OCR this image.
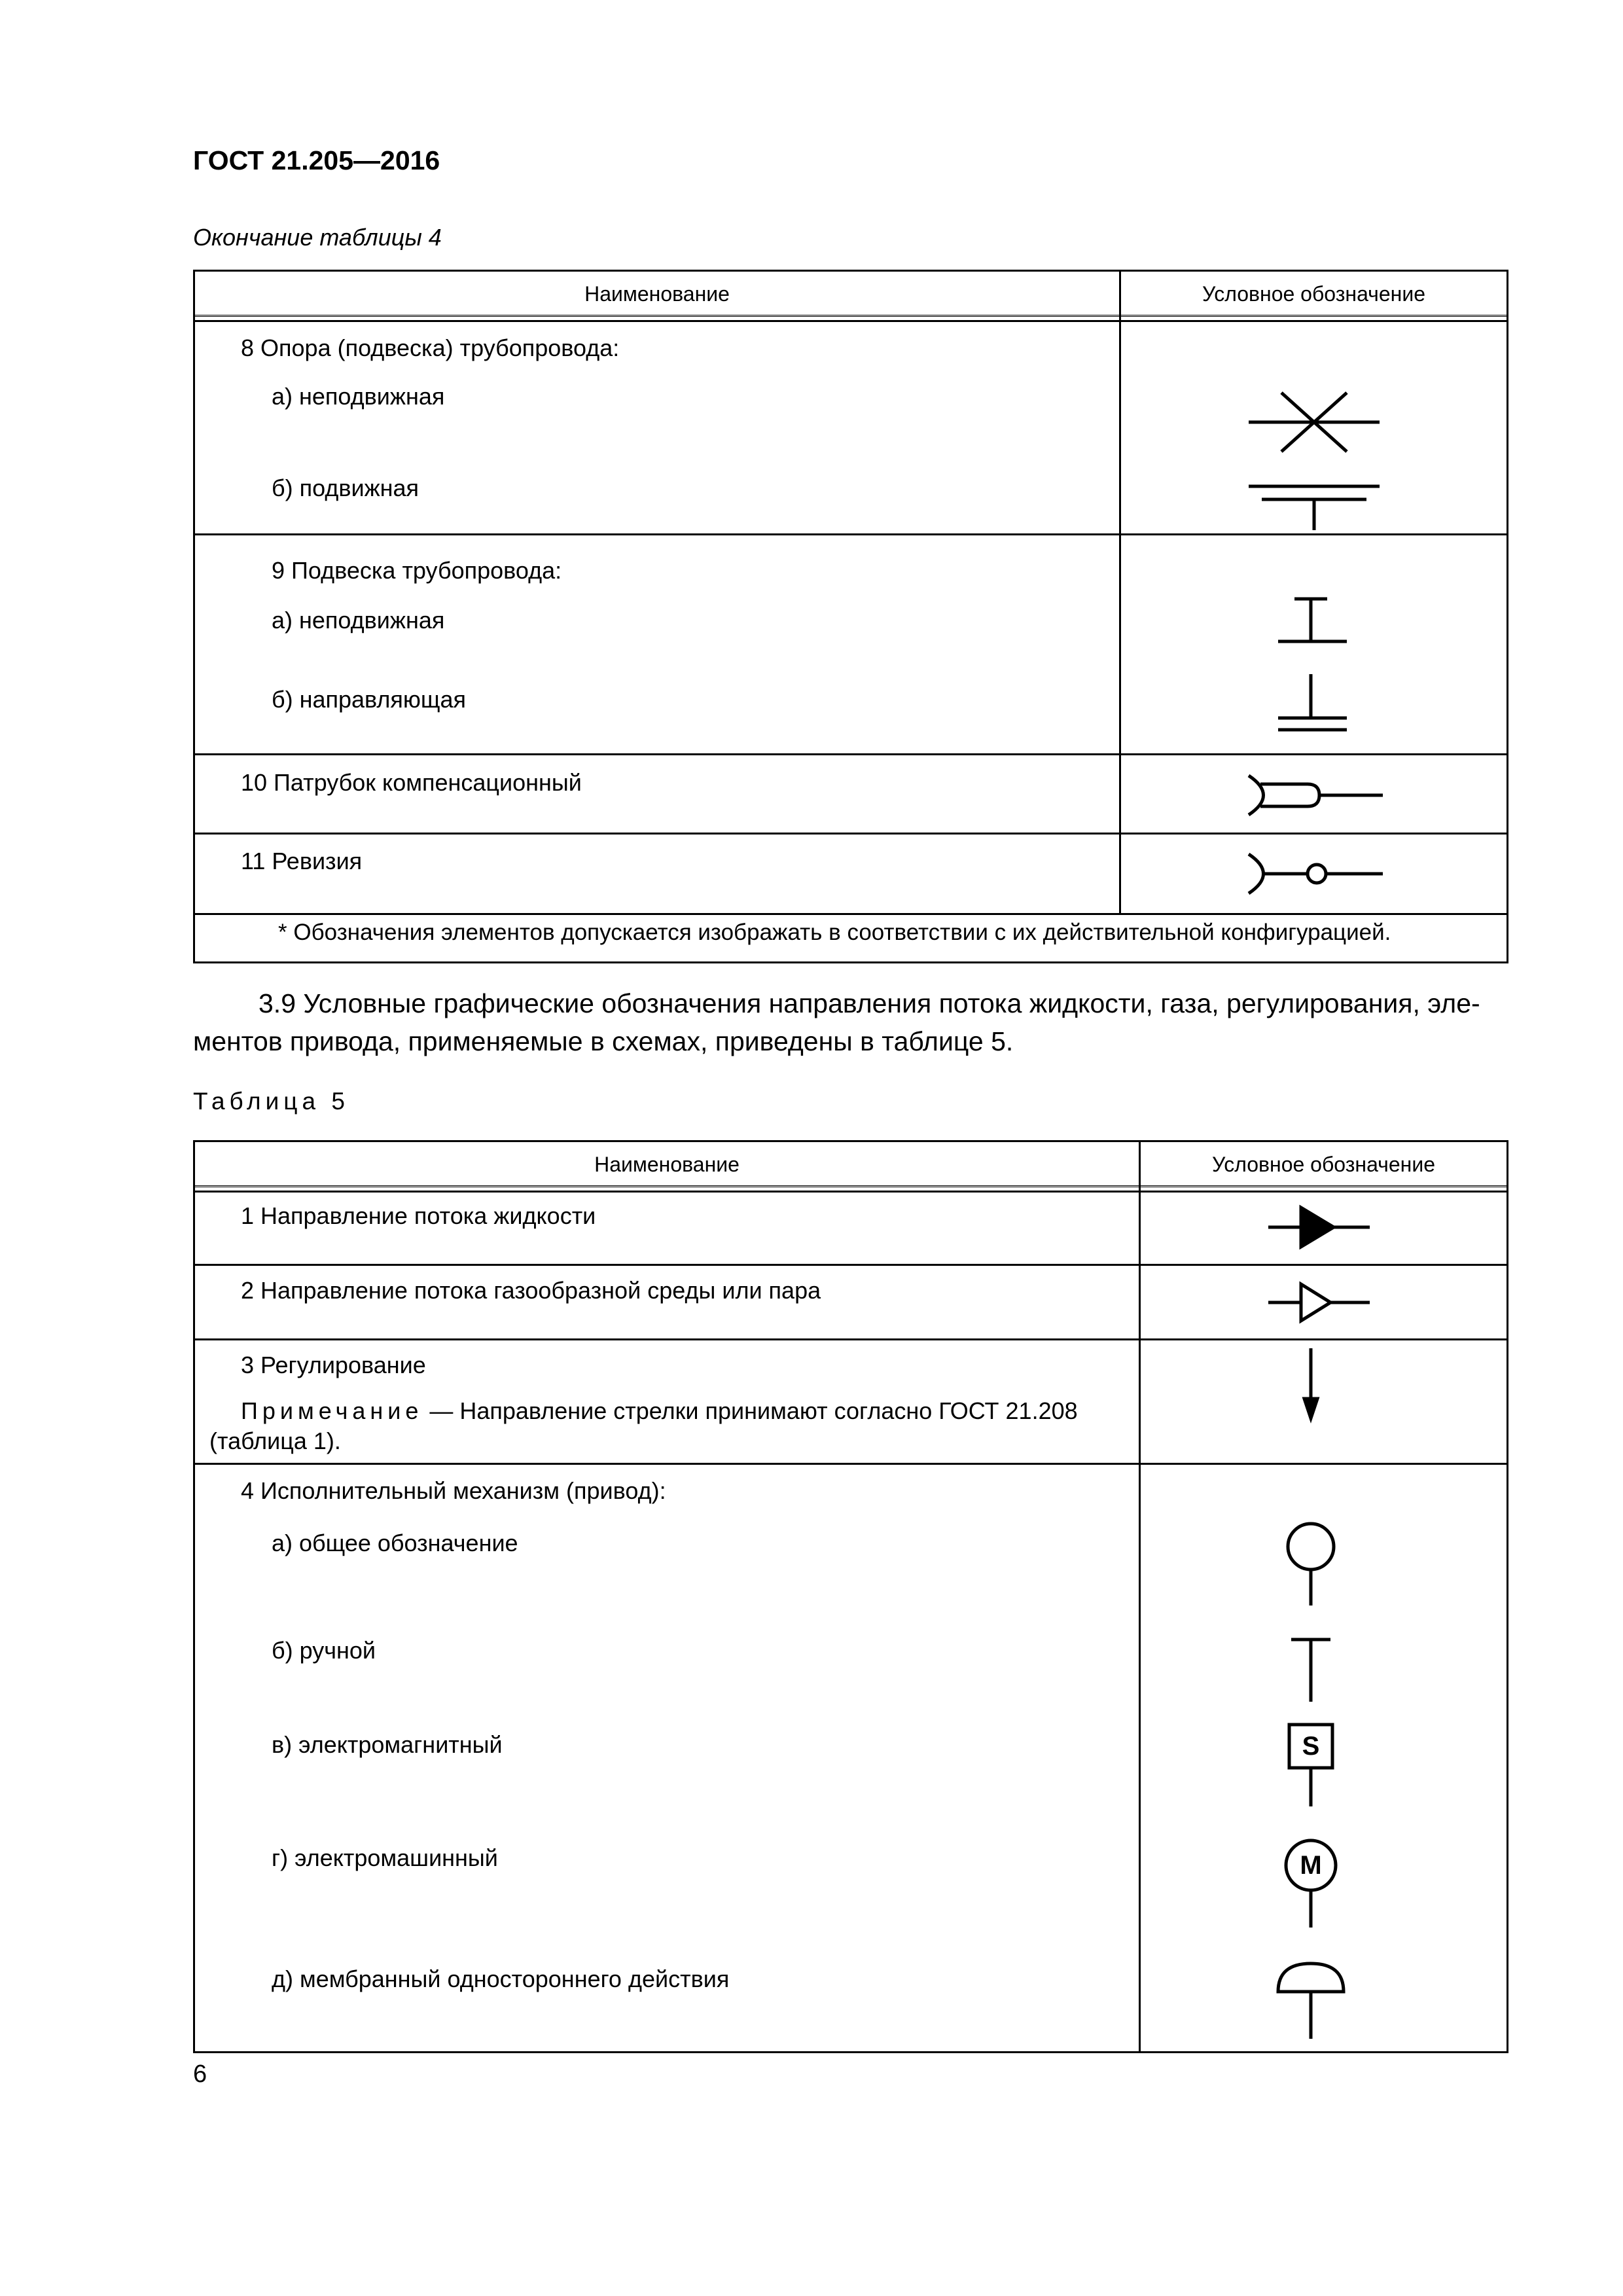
ГОСТ 21.205—2016
Окончание таблицы 4
Наименование	Условное обозначение
8 Опора (подвеска) трубопровода:
а) неподвижная
б) подвижная
9 Подвеска трубопровода:
а) неподвижная
б) направляющая
10 Патрубок компенсационный
11 Ревизия
* Обозначения элементов допускается изображать в соответствии с их действительной конфигурацией.
3.9 Условные графические обозначения направления потока жидкости, газа, регулирования, эле-
ментов привода, применяемые в схемах, приведены в таблице 5.
Таблица 5
Наименование	Условное обозначение
1 Направление потока жидкости
2 Направление потока газообразной среды или пара
3 Регулирование
Примечание — Направление стрелки принимают согласно ГОСТ 21.208
(таблица 1).
4 Исполнительный механизм (привод):
а) общее обозначение
б) ручной
в) электромагнитный
г) электромашинный
д) мембранный одностороннего действия
S
M
6
